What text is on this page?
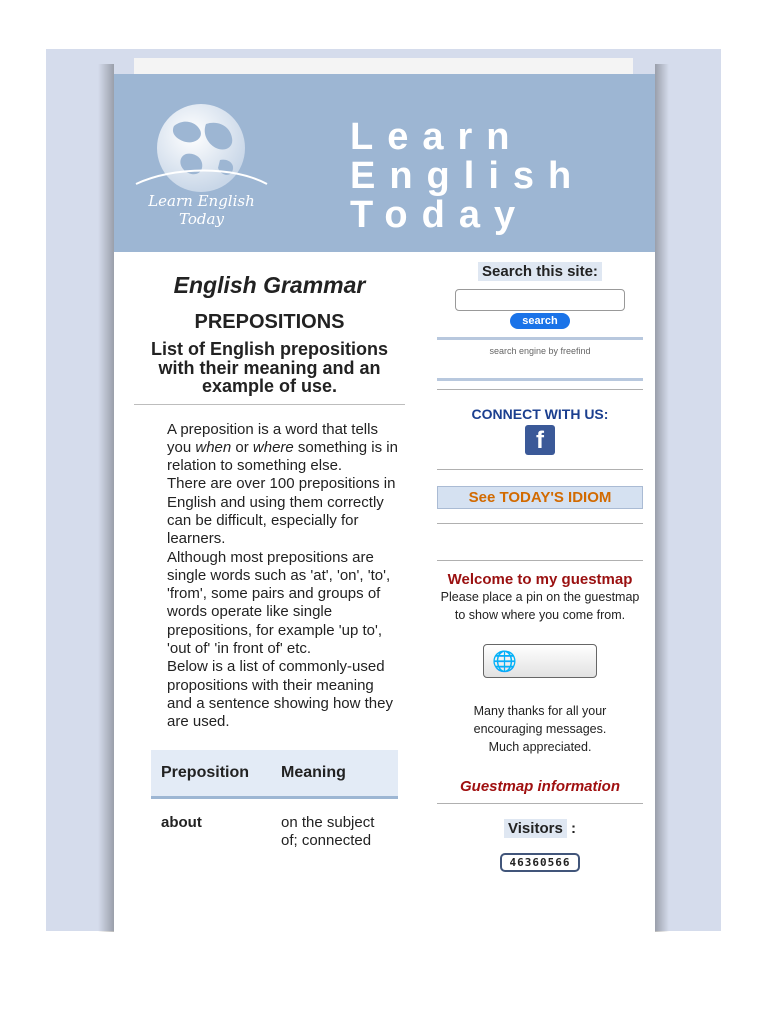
Learn English Today
Learn
English
Today
English Grammar
PREPOSITIONS
List of English prepositions with their meaning and an example of use.

A preposition is a word that tells you when or where something is in relation to something else.

There are over 100 prepositions in English and using them correctly can be difficult, especially for learners.

Although most prepositions are single words such as 'at', 'on', 'to', 'from', some pairs and groups of words operate like single prepositions, for example 'up to', 'out of' 'in front of' etc.

Below is a list of commonly-used propositions with their meaning and a sentence showing how they are used.

Preposition	Meaning
about	on the subject of; connected
Search this site:
search
search engine by freefind
CONNECT WITH US:
f
See TODAY'S IDIOM
Welcome to my guestmap
Please place a pin on the guestmap to show where you come from.
🌐
Many thanks for all your encouraging messages. Much appreciated.
Guestmap information
Visitors :
46360566
